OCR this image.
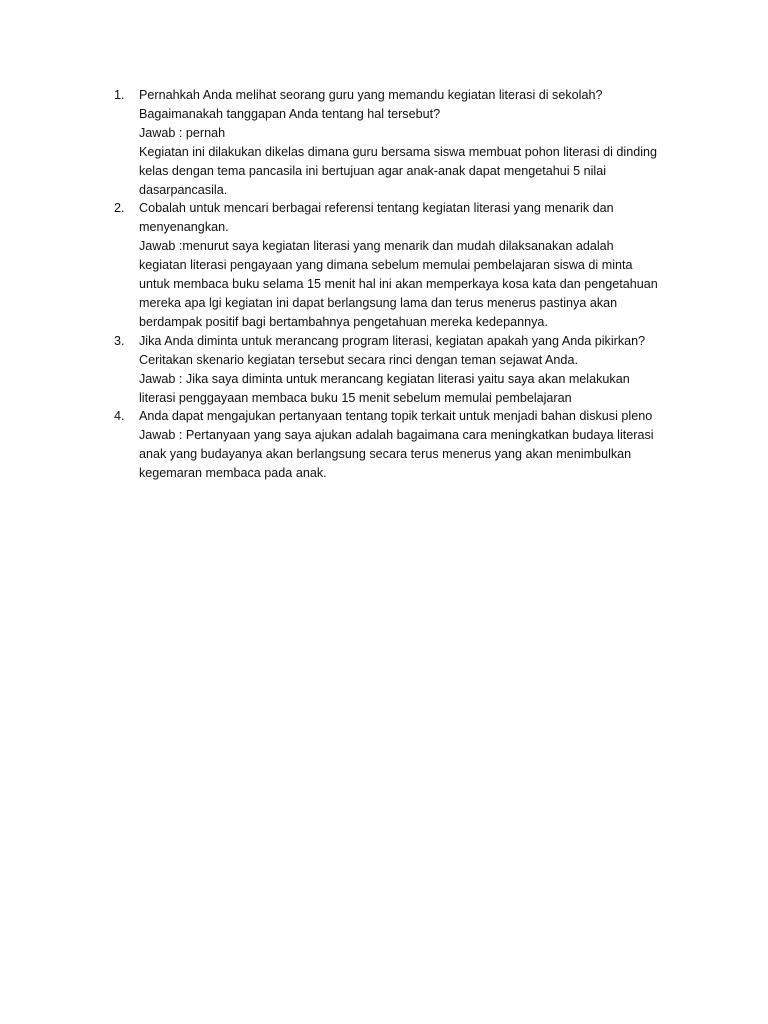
1.	Pernahkah Anda melihat seorang guru yang memandu kegiatan literasi di sekolah?
Bagaimanakah tanggapan Anda tentang hal tersebut?
Jawab : pernah
Kegiatan ini dilakukan dikelas dimana guru bersama siswa membuat pohon literasi di dinding
kelas dengan tema pancasila ini bertujuan agar anak-anak dapat mengetahui 5 nilai
dasarpancasila.
2.	Cobalah untuk mencari berbagai referensi tentang kegiatan literasi yang menarik dan
menyenangkan.
Jawab :menurut saya kegiatan literasi yang menarik dan mudah dilaksanakan adalah
kegiatan literasi pengayaan yang dimana sebelum memulai pembelajaran siswa di minta
untuk membaca buku selama 15 menit hal ini akan memperkaya kosa kata dan pengetahuan
mereka apa lgi kegiatan ini dapat berlangsung lama dan terus menerus pastinya akan
berdampak positif bagi bertambahnya pengetahuan mereka kedepannya.
3.	Jika Anda diminta untuk merancang program literasi, kegiatan apakah yang Anda pikirkan?
Ceritakan skenario kegiatan tersebut secara rinci dengan teman sejawat Anda.
Jawab : Jika saya diminta untuk merancang kegiatan literasi yaitu saya akan melakukan
literasi penggayaan membaca buku 15 menit sebelum memulai pembelajaran
4.	Anda dapat mengajukan pertanyaan tentang topik terkait untuk menjadi bahan diskusi pleno
Jawab : Pertanyaan yang saya ajukan adalah bagaimana cara meningkatkan budaya literasi
anak yang budayanya akan berlangsung secara terus menerus yang akan menimbulkan
kegemaran membaca pada anak.
